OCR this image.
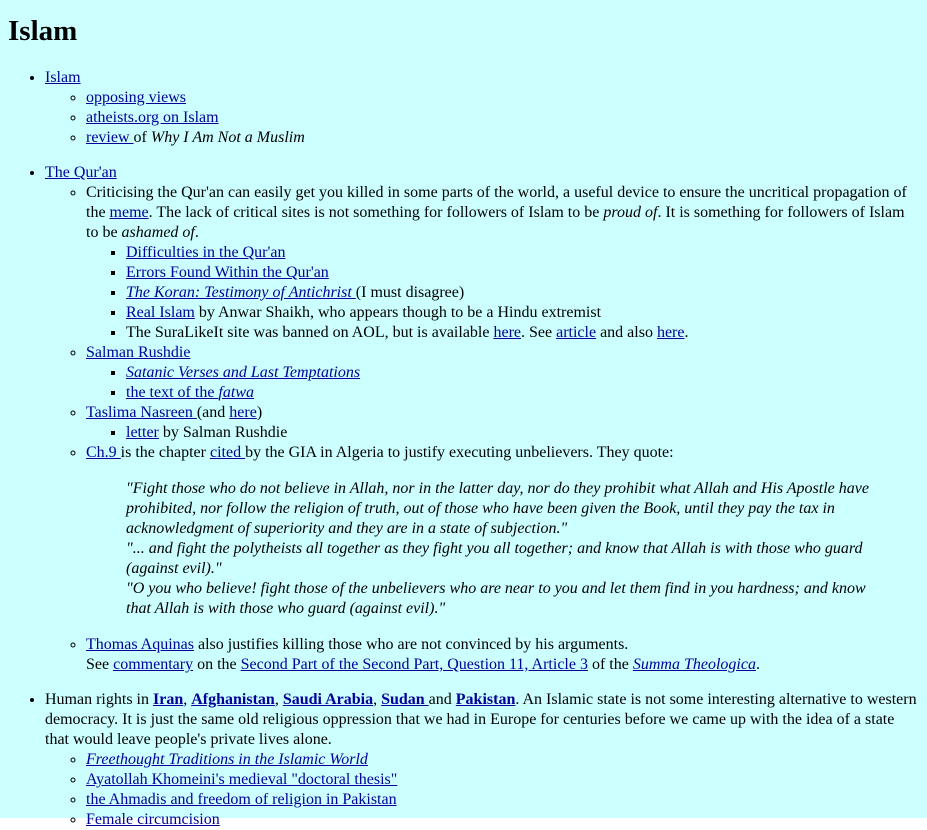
Islam
• Islam
◦ opposing views
◦ atheists.org on Islam
◦ review of Why I Am Not a Muslim
• The Qur'an
◦ Criticising the Qur'an can easily get you killed in some parts of the world, a useful device to ensure the uncritical propagation of the meme. The lack of critical sites is not something for followers of Islam to be proud of. It is something for followers of Islam to be ashamed of.
▪ Difficulties in the Qur'an
▪ Errors Found Within the Qur'an
▪ The Koran: Testimony of Antichrist (I must disagree)
▪ Real Islam by Anwar Shaikh, who appears though to be a Hindu extremist
▪ The SuraLikeIt site was banned on AOL, but is available here. See article and also here.
◦ Salman Rushdie
▪ Satanic Verses and Last Temptations
▪ the text of the fatwa
◦ Taslima Nasreen (and here)
▪ letter by Salman Rushdie
◦ Ch.9 is the chapter cited by the GIA in Algeria to justify executing unbelievers. They quote:
"Fight those who do not believe in Allah, nor in the latter day, nor do they prohibit what Allah and His Apostle have prohibited, nor follow the religion of truth, out of those who have been given the Book, until they pay the tax in acknowledgment of superiority and they are in a state of subjection."
"... and fight the polytheists all together as they fight you all together; and know that Allah is with those who guard (against evil)."
"O you who believe! fight those of the unbelievers who are near to you and let them find in you hardness; and know that Allah is with those who guard (against evil)."
◦ Thomas Aquinas also justifies killing those who are not convinced by his arguments.
See commentary on the Second Part of the Second Part, Question 11, Article 3 of the Summa Theologica.
• Human rights in Iran, Afghanistan, Saudi Arabia, Sudan and Pakistan. An Islamic state is not some interesting alternative to western democracy. It is just the same old religious oppression that we had in Europe for centuries before we came up with the idea of a state that would leave people's private lives alone.
◦ Freethought Traditions in the Islamic World
◦ Ayatollah Khomeini's medieval "doctoral thesis"
◦ the Ahmadis and freedom of religion in Pakistan
◦ Female circumcision
